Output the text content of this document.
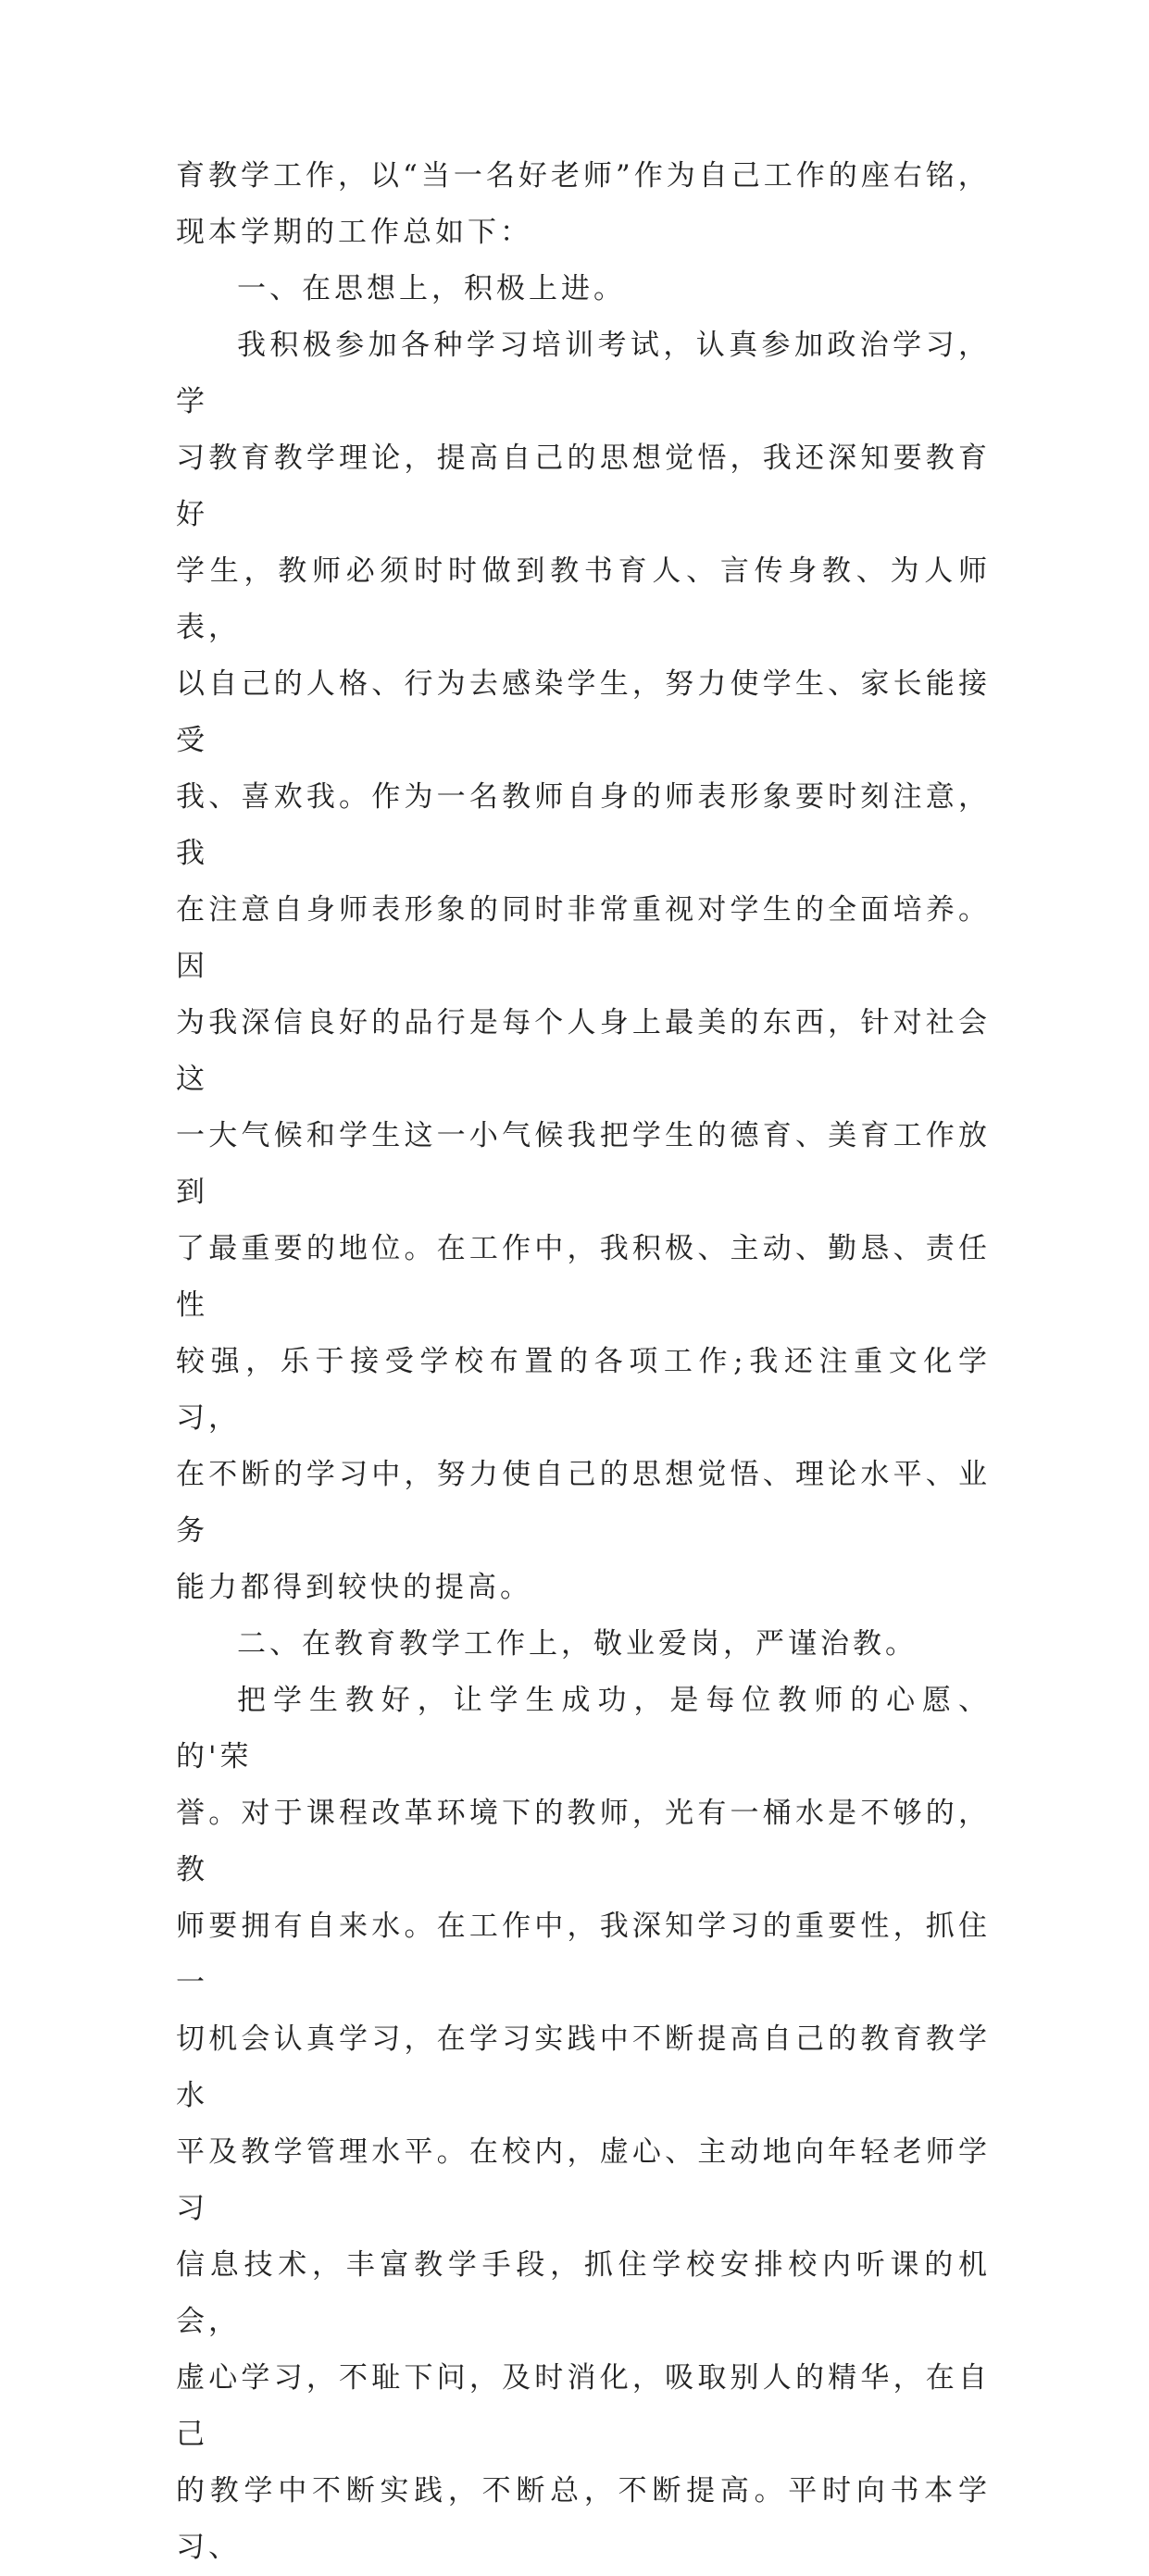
育教学工作，以“当一名好老师”作为自己工作的座右铭，
现本学期的工作总如下：

一、在思想上，积极上进。

我积极参加各种学习培训考试，认真参加政治学习，学
习教育教学理论，提高自己的思想觉悟，我还深知要教育好
学生，教师必须时时做到教书育人、言传身教、为人师表，
以自己的人格、行为去感染学生，努力使学生、家长能接受
我、喜欢我。作为一名教师自身的师表形象要时刻注意，我
在注意自身师表形象的同时非常重视对学生的全面培养。因
为我深信良好的品行是每个人身上最美的东西，针对社会这
一大气候和学生这一小气候我把学生的德育、美育工作放到
了最重要的地位。在工作中，我积极、主动、勤恳、责任性
较强，乐于接受学校布置的各项工作;我还注重文化学习，
在不断的学习中，努力使自己的思想觉悟、理论水平、业务
能力都得到较快的提高。

二、在教育教学工作上，敬业爱岗，严谨治教。

把学生教好，让学生成功，是每位教师的心愿、的'荣
誉。对于课程改革环境下的教师，光有一桶水是不够的，教
师要拥有自来水。在工作中，我深知学习的重要性，抓住一
切机会认真学习，在学习实践中不断提高自己的教育教学水
平及教学管理水平。在校内，虚心、主动地向年轻老师学习
信息技术，丰富教学手段，抓住学校安排校内听课的机会，
虚心学习，不耻下问，及时消化，吸取别人的精华，在自己
的教学中不断实践，不断总，不断提高。平时向书本学习、
